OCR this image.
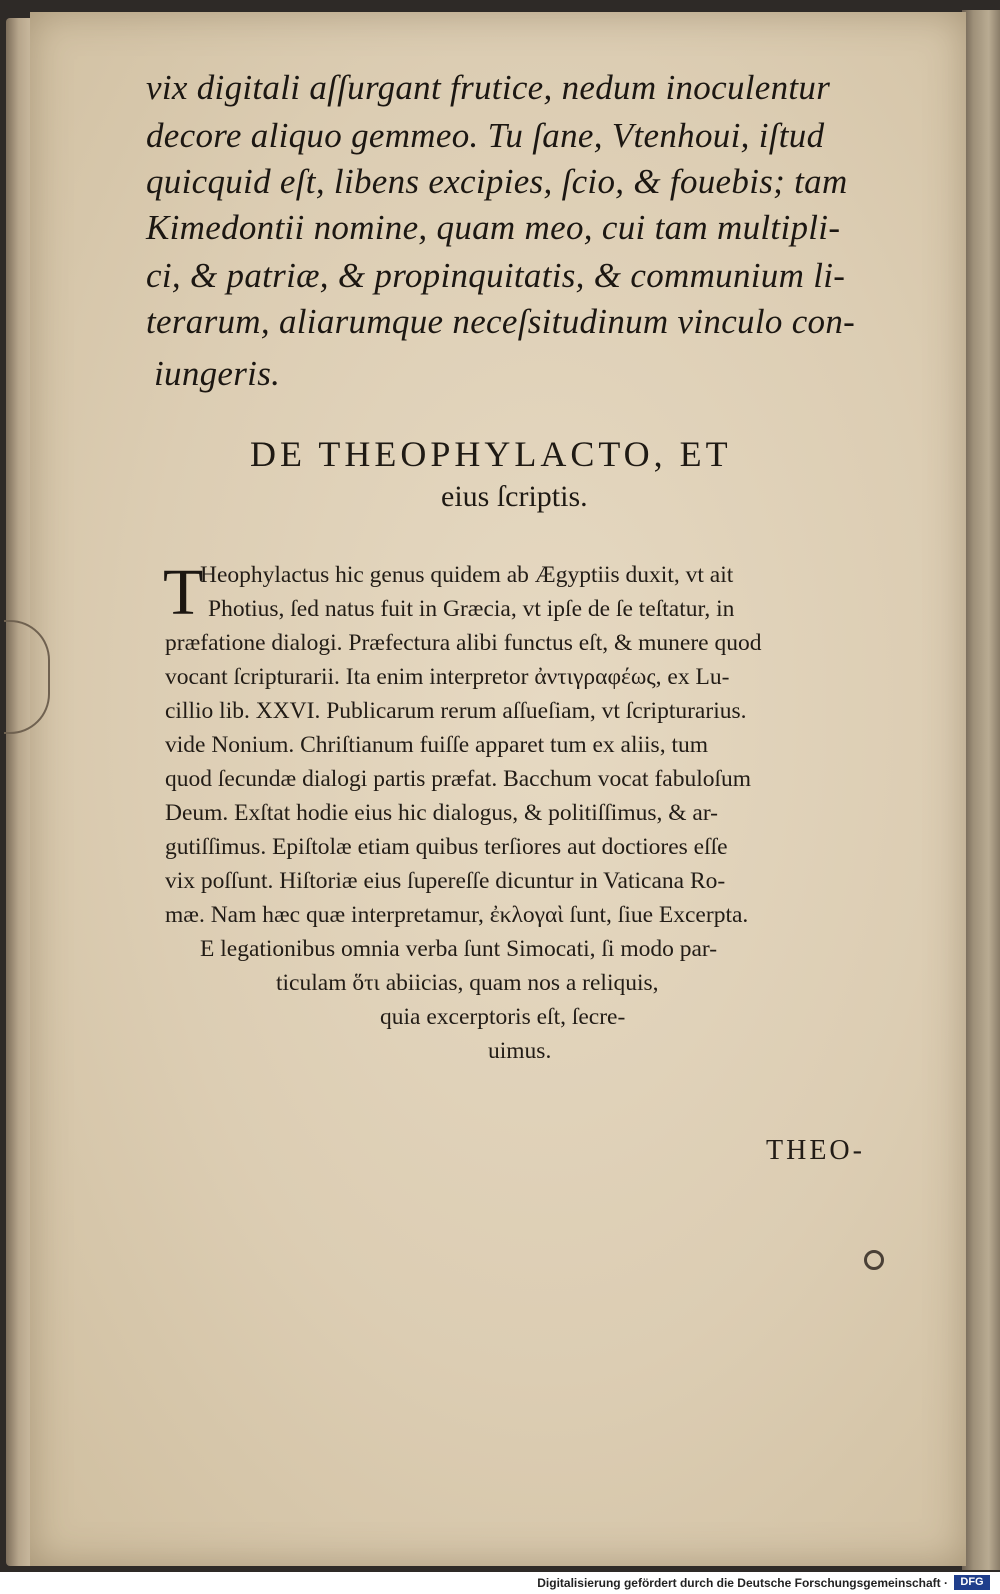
vix digitali aſſurgant frutice, nedum inoculentur
decore aliquo gemmeo. Tu ſane, Vtenhoui, iſtud
quicquid eſt, libens excipies, ſcio, & fouebis; tam
Kimedontii nomine, quam meo, cui tam multipli-
ci, & patriæ, & propinquitatis, & communium li-
terarum, aliarumque neceſsitudinum vinculo con-
iungeris.
DE THEOPHYLACTO, ET
eius ſcriptis.
T
Heophylactus hic genus quidem ab Ægyptiis duxit, vt ait
Photius, ſed natus fuit in Græcia, vt ipſe de ſe teſtatur, in
præfatione dialogi. Præfectura alibi functus eſt, & munere quod
vocant ſcripturarii. Ita enim interpretor ἀντιγραφέως, ex Lu-
cillio lib. XXVI. Publicarum rerum aſſueſiam, vt ſcripturarius.
vide Nonium. Chriſtianum fuiſſe apparet tum ex aliis, tum
quod ſecundæ dialogi partis præfat. Bacchum vocat fabuloſum
Deum. Exſtat hodie eius hic dialogus, & politiſſimus, & ar-
gutiſſimus. Epiſtolæ etiam quibus terſiores aut doctiores eſſe
vix poſſunt. Hiſtoriæ eius ſupereſſe dicuntur in Vaticana Ro-
mæ. Nam hæc quæ interpretamur, ἐκλογαὶ ſunt, ſiue Excerpta.
E legationibus omnia verba ſunt Simocati, ſi modo par-
ticulam ὅτι abiicias, quam nos a reliquis,
quia excerptoris eſt, ſecre-
uimus.
THEO-
Digitalisierung gefördert durch die Deutsche Forschungsgemeinschaft ·	DFG
